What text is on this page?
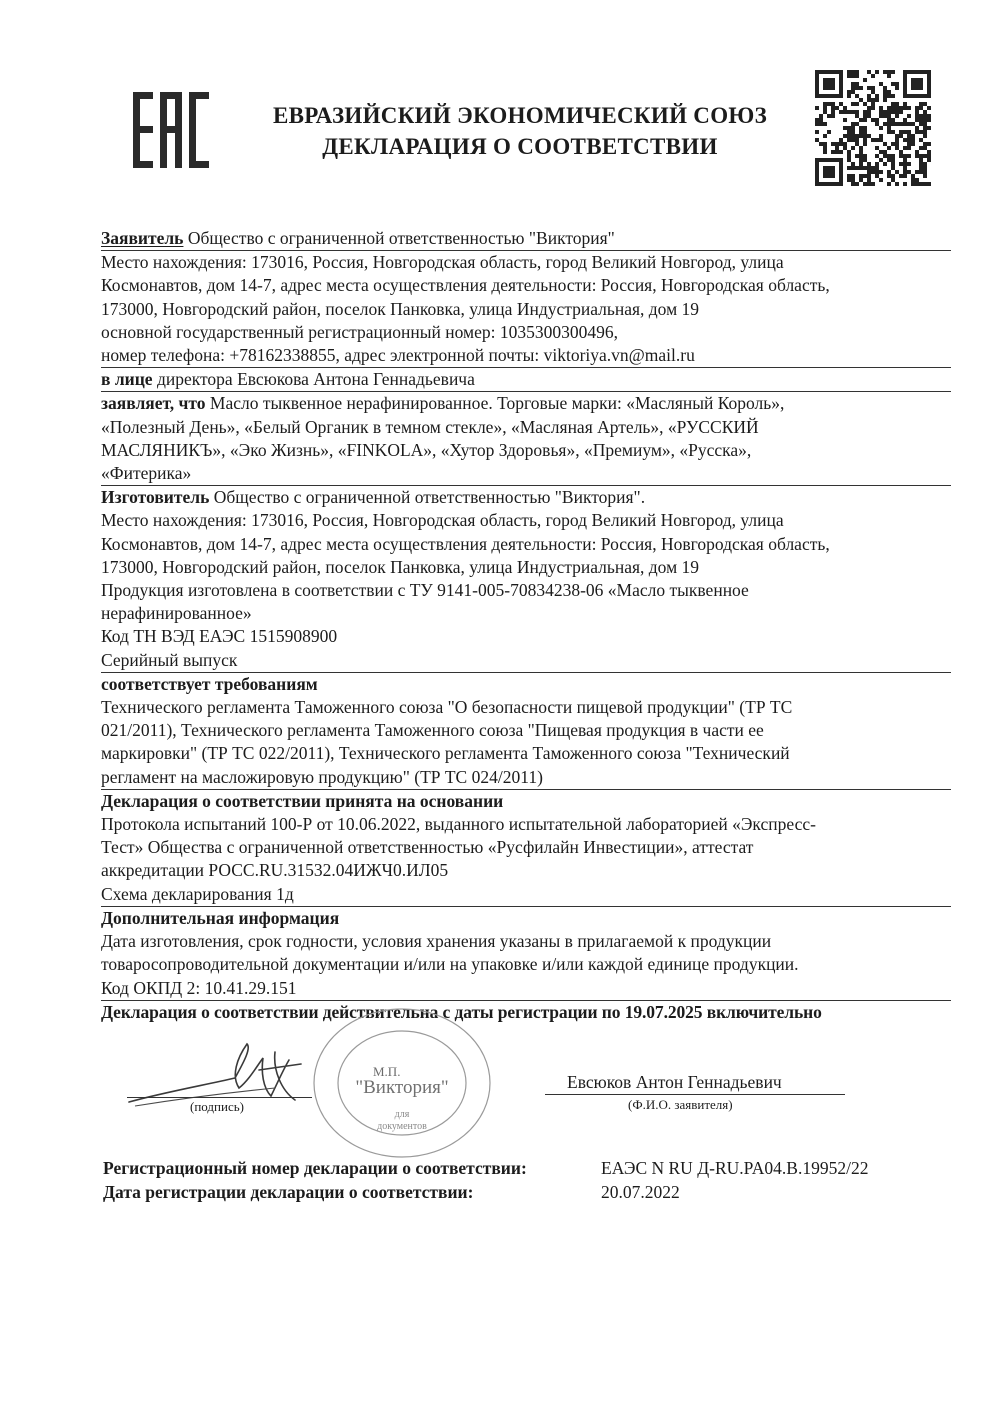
ЕВРАЗИЙСКИЙ ЭКОНОМИЧЕСКИЙ СОЮЗ
ДЕКЛАРАЦИЯ О СООТВЕТСТВИИ
Заявитель Общество с ограниченной ответственностью "Виктория"
Место нахождения: 173016, Россия, Новгородская область, город Великий Новгород, улица
Космонавтов, дом 14-7, адрес места осуществления деятельности: Россия, Новгородская область,
173000, Новгородский район, поселок Панковка, улица Индустриальная, дом 19
основной государственный регистрационный номер: 1035300300496,
номер телефона: +78162338855, адрес электронной почты: viktoriya.vn@mail.ru
в лице директора Евсюкова Антона Геннадьевича
заявляет, что Масло тыквенное нерафинированное. Торговые марки: «Масляный Король»,
«Полезный День», «Белый Органик в темном стекле», «Масляная Артель», «РУССКИЙ
МАСЛЯНИКЪ», «Эко Жизнь», «FINKOLA», «Хутор Здоровья», «Премиум», «Русска»,
«Фитерика»
Изготовитель Общество с ограниченной ответственностью "Виктория".
Место нахождения: 173016, Россия, Новгородская область, город Великий Новгород, улица
Космонавтов, дом 14-7, адрес места осуществления деятельности: Россия, Новгородская область,
173000, Новгородский район, поселок Панковка, улица Индустриальная, дом 19
Продукция изготовлена в соответствии с ТУ 9141-005-70834238-06 «Масло тыквенное
нерафинированное»
Код ТН ВЭД ЕАЭС 1515908900
Серийный выпуск
соответствует требованиям
Технического регламента Таможенного союза "О безопасности пищевой продукции" (ТР ТС
021/2011), Технического регламента Таможенного союза "Пищевая продукция в части ее
маркировки" (ТР ТС 022/2011), Технического регламента Таможенного союза "Технический
регламент на масложировую продукцию" (ТР ТС 024/2011)
Декларация о соответствии принята на основании
Протокола испытаний 100-Р от 10.06.2022, выданного испытательной лабораторией «Экспресс-
Тест» Общества с ограниченной ответственностью «Русфилайн Инвестиции», аттестат
аккредитации РОСС.RU.31532.04ИЖЧ0.ИЛ05
Схема декларирования 1д
Дополнительная информация
Дата изготовления, срок годности, условия хранения указаны в прилагаемой к продукции
товаросопроводительной документации и/или на упаковке и/или каждой единице продукции.
Код ОКПД 2: 10.41.29.151
Декларация о соответствии действительна с даты регистрации по 19.07.2025 включительно
"Виктория"
для
документов
М.П.
(подпись)
Евсюков Антон Геннадьевич
(Ф.И.О. заявителя)
Регистрационный номер декларации о соответствии:	ЕАЭС N RU Д-RU.PA04.B.19952/22
Дата регистрации декларации о соответствии:	20.07.2022
